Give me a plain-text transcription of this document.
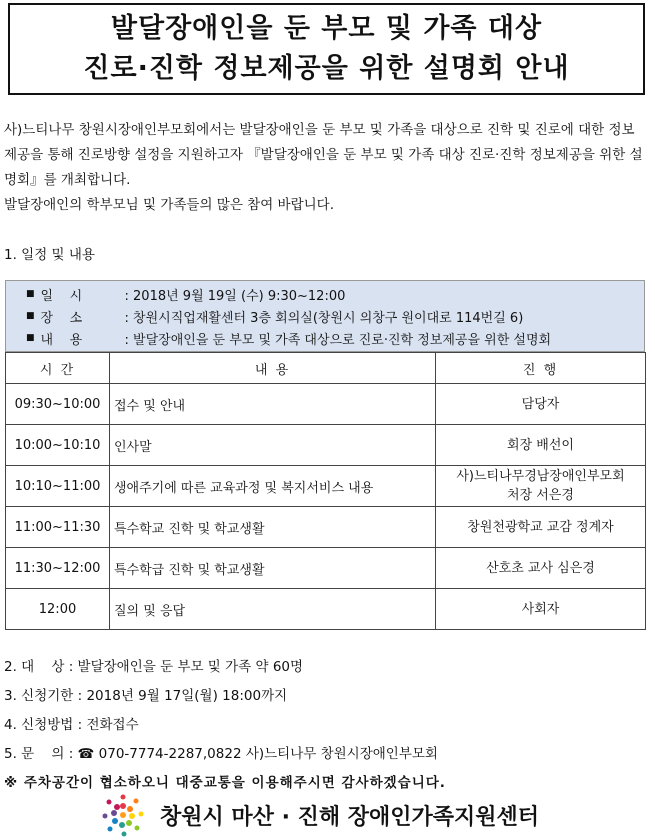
발달장애인을 둔 부모 및 가족 대상
진로·진학 정보제공을 위한 설명회 안내

사)느티나무 창원시장애인부모회에서는 발달장애인을 둔 부모 및 가족을 대상으로 진학 및 진로에 대한 정보제공을 통해 진로방향 설정을 지원하고자 『발달장애인을 둔 부모 및 가족 대상 진로·진학 정보제공을 위한 설명회』를 개최합니다.

발달장애인의 학부모님 및 가족들의 많은 참여 바랍니다.

1. 일정 및 내용
■ 일    시	: 2018년 9월 19일 (수) 9:30~12:00
■ 장    소	: 창원시직업재활센터 3층 회의실(창원시 의창구 원이대로 114번길 6)
■ 내    용	: 발달장애인을 둔 부모 및 가족 대상으로 진로·진학 정보제공을 위한 설명회
시 간	내 용	진 행
09:30~10:00	접수 및 안내	담당자

10:00~10:10	인사말	회장 배선이

10:10~11:00	생애주기에 따른 교육과정 및 복지서비스 내용	사)느티나무경남장애인부모회
처장 서은경

11:00~11:30	특수학교 진학 및 학교생활	창원천광학교 교감 정계자

11:30~12:00	특수학급 진학 및 학교생활	산호초 교사 심은경

12:00	질의 및 응답	사회자
2. 대    상 : 발달장애인을 둔 부모 및 가족 약 60명
3. 신청기한 : 2018년 9월 17일(월) 18:00까지
4. 신청방법 : 전화접수
5. 문    의 : ☎ 070-7774-2287,0822 사)느티나무 창원시장애인부모회
※ 주차공간이 협소하오니 대중교통을 이용해주시면 감사하겠습니다.
창원시 마산 · 진해 장애인가족지원센터
